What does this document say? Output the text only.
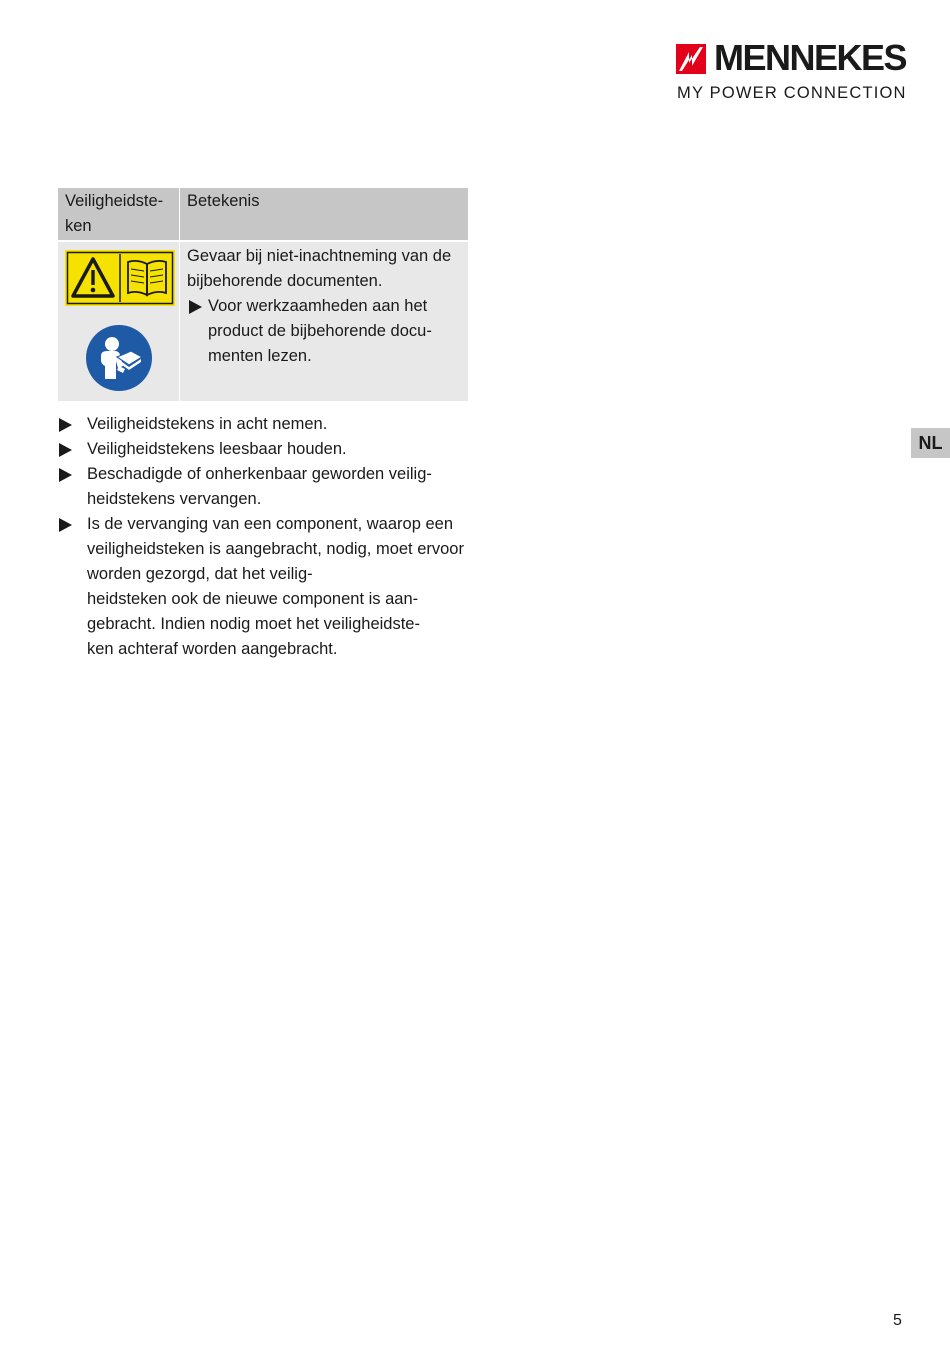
MENNEKES
MY POWER CONNECTION
Veiligheidste-
ken	Betekenis

Gevaar bij niet-inachtneming van de bijbehorende documenten.

Voor werkzaamheden aan het product de bijbehorende docu-
menten lezen.

Veiligheidstekens in acht nemen.
Veiligheidstekens leesbaar houden.
Beschadigde of onherkenbaar geworden veilig-
heidstekens vervangen.
Is de vervanging van een component, waarop een veiligheidsteken is aangebracht, nodig, moet ervoor worden gezorgd, dat het veilig-
heidsteken ook de nieuwe component is aan-
gebracht. Indien nodig moet het veiligheidste-
ken achteraf worden aangebracht.
NL
5
